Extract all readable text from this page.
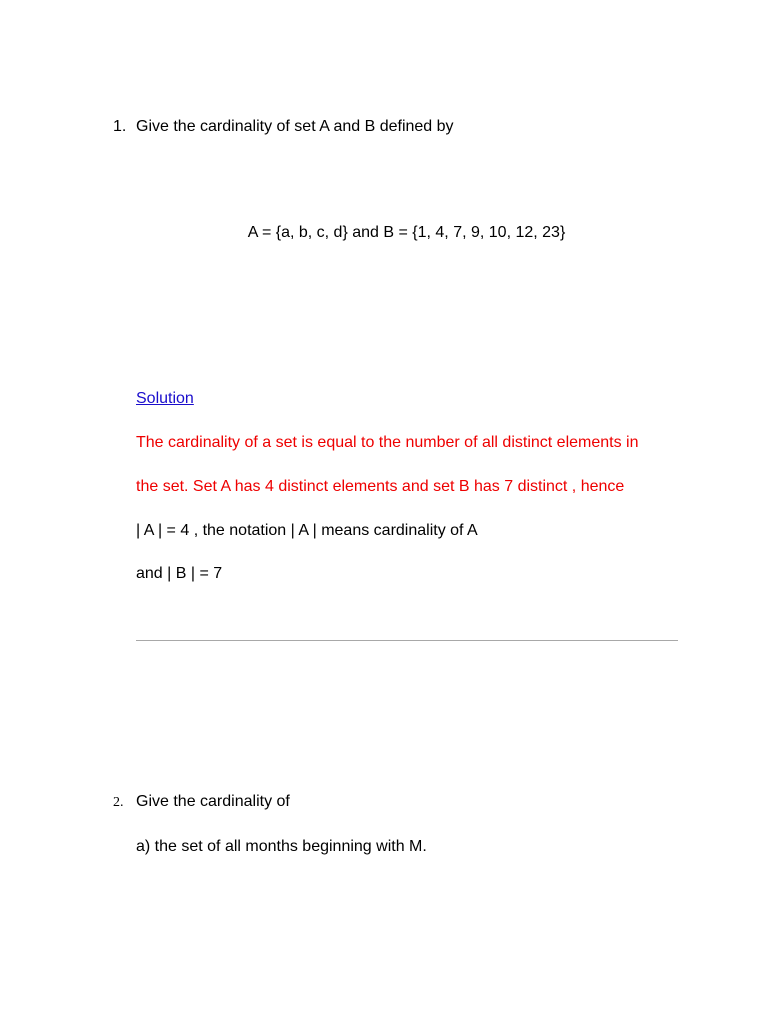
1. Give the cardinality of set A and B defined by
A = {a, b, c, d} and B = {1, 4, 7, 9, 10, 12, 23}
Solution
The cardinality of a set is equal to the number of all distinct elements in
the set. Set A has 4 distinct elements and set B has 7 distinct , hence
| A | = 4 , the notation | A | means cardinality of A
and | B | = 7
2. Give the cardinality of
a) the set of all months beginning with M.
